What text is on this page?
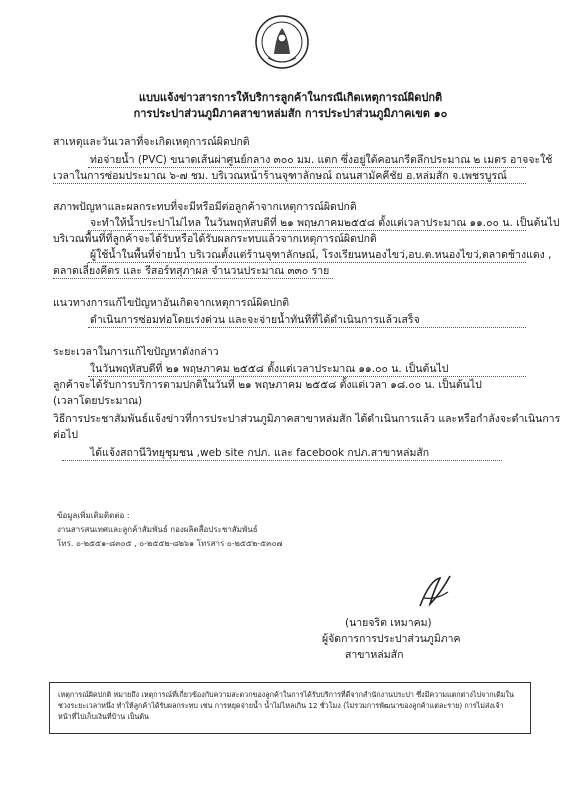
แบบแจ้งข่าวสารการให้บริการลูกค้าในกรณีเกิดเหตุการณ์ผิดปกติ
การประปาส่วนภูมิภาคสาขาหล่มสัก การประปาส่วนภูมิภาคเขต ๑๐
สาเหตุและวันเวลาที่จะเกิดเหตุการณ์ผิดปกติ
ท่อจ่ายน้ำ (PVC) ขนาดเส้นผ่าศูนย์กลาง ๓๐๐ มม. แตก ซึ่งอยู่ใต้คอนกรีตลึกประมาณ ๒ เมตร อาจจะใช้
เวลาในการซ่อมประมาณ ๖-๗ ชม. บริเวณหน้าร้านจุฑาลักษณ์ ถนนสามัคคีชัย อ.หล่มสัก จ.เพชรบูรณ์
สภาพปัญหาและผลกระทบที่จะมีหรือมีต่อลูกค้าจากเหตุการณ์ผิดปกติ
จะทำให้น้ำประปาไม่ไหล ในวันพฤหัสบดีที่ ๒๑ พฤษภาคม๒๕๕๘ ตั้งแต่เวลาประมาณ ๑๑.๐๐ น. เป็นต้นไป
บริเวณพื้นที่ที่ลูกค้าจะได้รับหรือได้รับผลกระทบแล้วจากเหตุการณ์ผิดปกติ
ผู้ใช้น้ำในพื้นที่จ่ายน้ำ บริเวณตั้งแต่ร้านจุฑาลักษณ์, โรงเรียนหนองไขว่,อบ.ต.หนองไขว่,ตลาดช้างแดง ,
ตลาดเลี่ยงคีตร และ รีสอร์ทสุภาผล จำนวนประมาณ ๓๓๐ ราย
แนวทางการแก้ไขปัญหาอันเกิดจากเหตุการณ์ผิดปกติ
ดำเนินการซ่อมท่อโดยเร่งด่วน และจะจ่ายน้ำทันทีที่ได้ดำเนินการแล้วเสร็จ
ระยะเวลาในการแก้ไขปัญหาดังกล่าว
ในวันพฤหัสบดีที่ ๒๑ พฤษภาคม ๒๕๕๘ ตั้งแต่เวลาประมาณ ๑๑.๐๐ น. เป็นต้นไป
ลูกค้าจะได้รับการบริการตามปกติในวันที่ ๒๑ พฤษภาคม ๒๕๕๘ ตั้งแต่เวลา ๑๘.๐๐ น. เป็นต้นไป
(เวลาโดยประมาณ)
วิธีการประชาสัมพันธ์แจ้งข่าวที่การประปาส่วนภูมิภาคสาขาหล่มสัก ได้ดำเนินการแล้ว และหรือกำลังจะดำเนินการ
ต่อไป
ได้แจ้งสถานีวิทยุชุมชน ,web site กปภ. และ facebook กปภ.สาขาหล่มสัก
ข้อมูลเพิ่มเติมติดต่อ :
งานสารสนเทศและลูกค้าสัมพันธ์ กองผลิตสื่อประชาสัมพันธ์
โทร. ๐-๒๕๕๑-๘๓๐๕ , ๐-๒๕๕๒-๘๒๖๑ โทรสาร ๐-๒๕๕๒-๕๓๐๗
(นายจริต เหมาคม)
ผู้จัดการการประปาส่วนภูมิภาค
สาขาหล่มสัก

เหตุการณ์ผิดปกติ หมายถึง เหตุการณ์ที่เกี่ยวข้องกับความสะดวกของลูกค้าในการได้รับบริการที่ดีจากสำนักงานประปา ซึ่งมีความแตกต่างไปจากเดิมในช่วงระยะเวลาหนึ่ง ทำให้ลูกค้าได้รับผลกระทบ เช่น การหยุดจ่ายน้ำ น้ำไม่ไหลเกิน 12 ชั่วโมง (ไม่รวมการพัฒนาของลูกค้าแต่ละราย) การไม่ส่งเจ้าหน้าที่ไปเก็บเงินที่บ้าน เป็นต้น
